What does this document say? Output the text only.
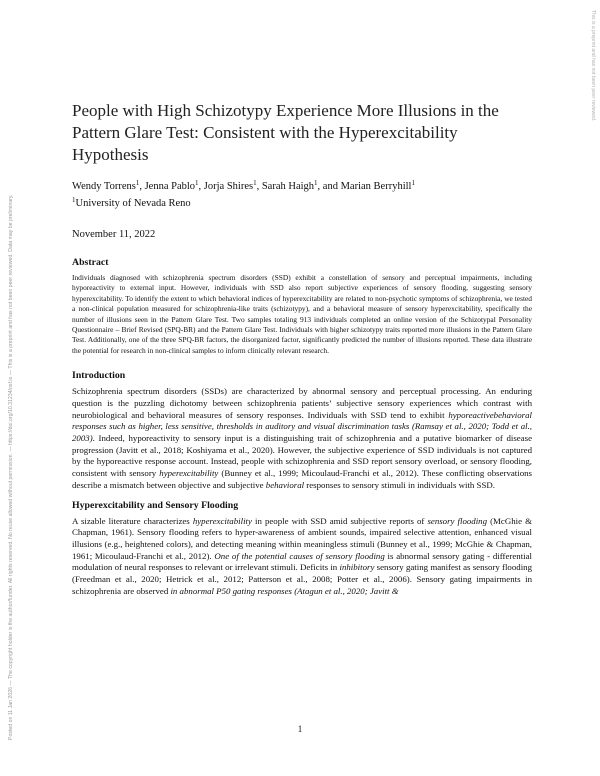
Posted on 11 Jan 2026 — The copyright holder is the author/funder. All rights reserved. No reuse allowed without permission. — https://doi.org/10.31234/osf.io — This is a preprint and has not been peer reviewed. Data may be preliminary.
This is a preprint and has not been peer reviewed.
People with High Schizotypy Experience More Illusions in the Pattern Glare Test: Consistent with the Hyperexcitability Hypothesis
Wendy Torrens$^1$, Jenna Pablo$^1$, Jorja Shires$^1$, Sarah Haigh$^1$, and Marian Berryhill$^1$
$^1$University of Nevada Reno
November 11, 2022
Abstract

Individuals diagnosed with schizophrenia spectrum disorders (SSD) exhibit a constellation of sensory and perceptual impairments, including hyporeactivity to external input. However, individuals with SSD also report subjective experiences of sensory flooding, suggesting sensory hyperexcitability. To identify the extent to which behavioral indices of hyperexcitability are related to non-psychotic symptoms of schizophrenia, we tested a non-clinical population measured for schizophrenia-like traits (schizotypy), and a behavioral measure of sensory hyperexcitability, specifically the number of illusions seen in the Pattern Glare Test. Two samples totaling 913 individuals completed an online version of the Schizotypal Personality Questionnaire – Brief Revised (SPQ-BR) and the Pattern Glare Test. Individuals with higher schizotypy traits reported more illusions in the Pattern Glare Test. Additionally, one of the three SPQ-BR factors, the disorganized factor, significantly predicted the number of illusions reported. These data illustrate the potential for research in non-clinical samples to inform clinically relevant research.

Introduction

Schizophrenia spectrum disorders (SSDs) are characterized by abnormal sensory and perceptual processing. An enduring question is the puzzling dichotomy between schizophrenia patients’ subjective sensory experiences which contrast with neurobiological and behavioral measures of sensory responses. Individuals with SSD tend to exhibit hyporeactivebehavioral responses such as higher, less sensitive, thresholds in auditory and visual discrimination tasks (Ramsay et al., 2020; Todd et al., 2003). Indeed, hyporeactivity to sensory input is a distinguishing trait of schizophrenia and a putative biomarker of disease progression (Javitt et al., 2018; Koshiyama et al., 2020). However, the subjective experience of SSD individuals is not captured by the hyporeactive response account. Instead, people with schizophrenia and SSD report sensory overload, or sensory flooding, consistent with sensory hyperexcitability (Bunney et al., 1999; Micoulaud-Franchi et al., 2012). These conflicting observations describe a mismatch between objective and subjective behavioral responses to sensory stimuli in individuals with SSD.

Hyperexcitability and Sensory Flooding

A sizable literature characterizes hyperexcitability in people with SSD amid subjective reports of sensory flooding (McGhie & Chapman, 1961). Sensory flooding refers to hyper-awareness of ambient sounds, impaired selective attention, enhanced visual illusions (e.g., heightened colors), and detecting meaning within meaningless stimuli (Bunney et al., 1999; McGhie & Chapman, 1961; Micoulaud-Franchi et al., 2012). One of the potential causes of sensory flooding is abnormal sensory gating - differential modulation of neural responses to relevant or irrelevant stimuli. Deficits in inhibitory sensory gating manifest as sensory flooding (Freedman et al., 2020; Hetrick et al., 2012; Patterson et al., 2008; Potter et al., 2006). Sensory gating impairments in schizophrenia are observed in abnormal P50 gating responses (Atagun et al., 2020; Javitt &

1
